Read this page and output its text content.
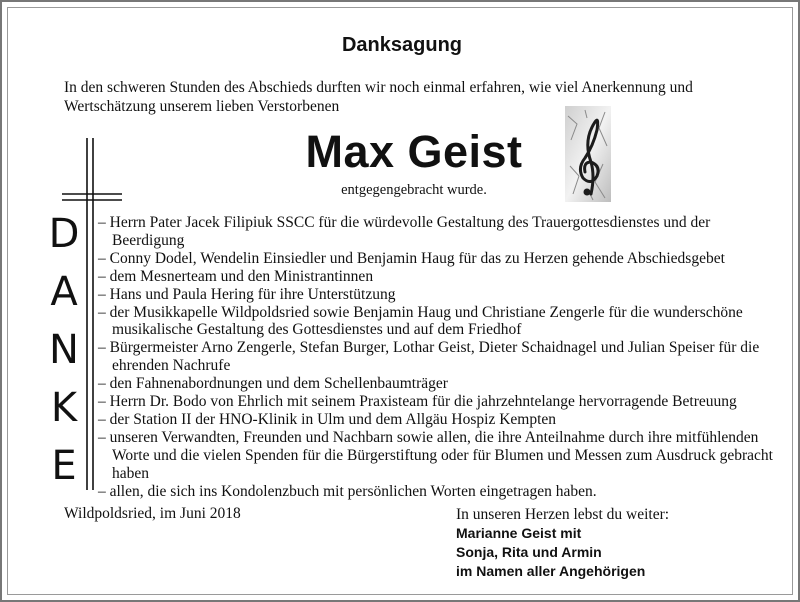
Danksagung
In den schweren Stunden des Abschieds durften wir noch einmal erfahren, wie viel Anerkennung und Wertschätzung unserem lieben Verstorbenen
Max Geist
entgegengebracht wurde.
D
A
N
K
E
– Herrn Pater Jacek Filipiuk SSCC für die würdevolle Gestaltung des Trauergottesdienstes und der Beerdigung
– Conny Dodel, Wendelin Einsiedler und Benjamin Haug für das zu Herzen gehende Abschiedsgebet
– dem Mesnerteam und den Ministrantinnen
– Hans und Paula Hering für ihre Unterstützung
– der Musikkapelle Wildpoldsried sowie Benjamin Haug und Christiane Zengerle für die wunderschöne musikalische Gestaltung des Gottesdienstes und auf dem Friedhof
– Bürgermeister Arno Zengerle, Stefan Burger, Lothar Geist, Dieter Schaidnagel und Julian Speiser für die ehrenden Nachrufe
– den Fahnenabordnungen und dem Schellenbaumträger
– Herrn Dr. Bodo von Ehrlich mit seinem Praxisteam für die jahrzehntelange hervorragende Betreuung
– der Station II der HNO-Klinik in Ulm und dem Allgäu Hospiz Kempten
– unseren Verwandten, Freunden und Nachbarn sowie allen, die ihre Anteilnahme durch ihre mitfühlenden Worte und die vielen Spenden für die Bürgerstiftung oder für Blumen und Messen zum Ausdruck gebracht haben
– allen, die sich ins Kondolenzbuch mit persönlichen Worten eingetragen haben.
Wildpoldsried, im Juni 2018	In unseren Herzen lebst du weiter:
Marianne Geist mit
Sonja, Rita und Armin
im Namen aller Angehörigen
